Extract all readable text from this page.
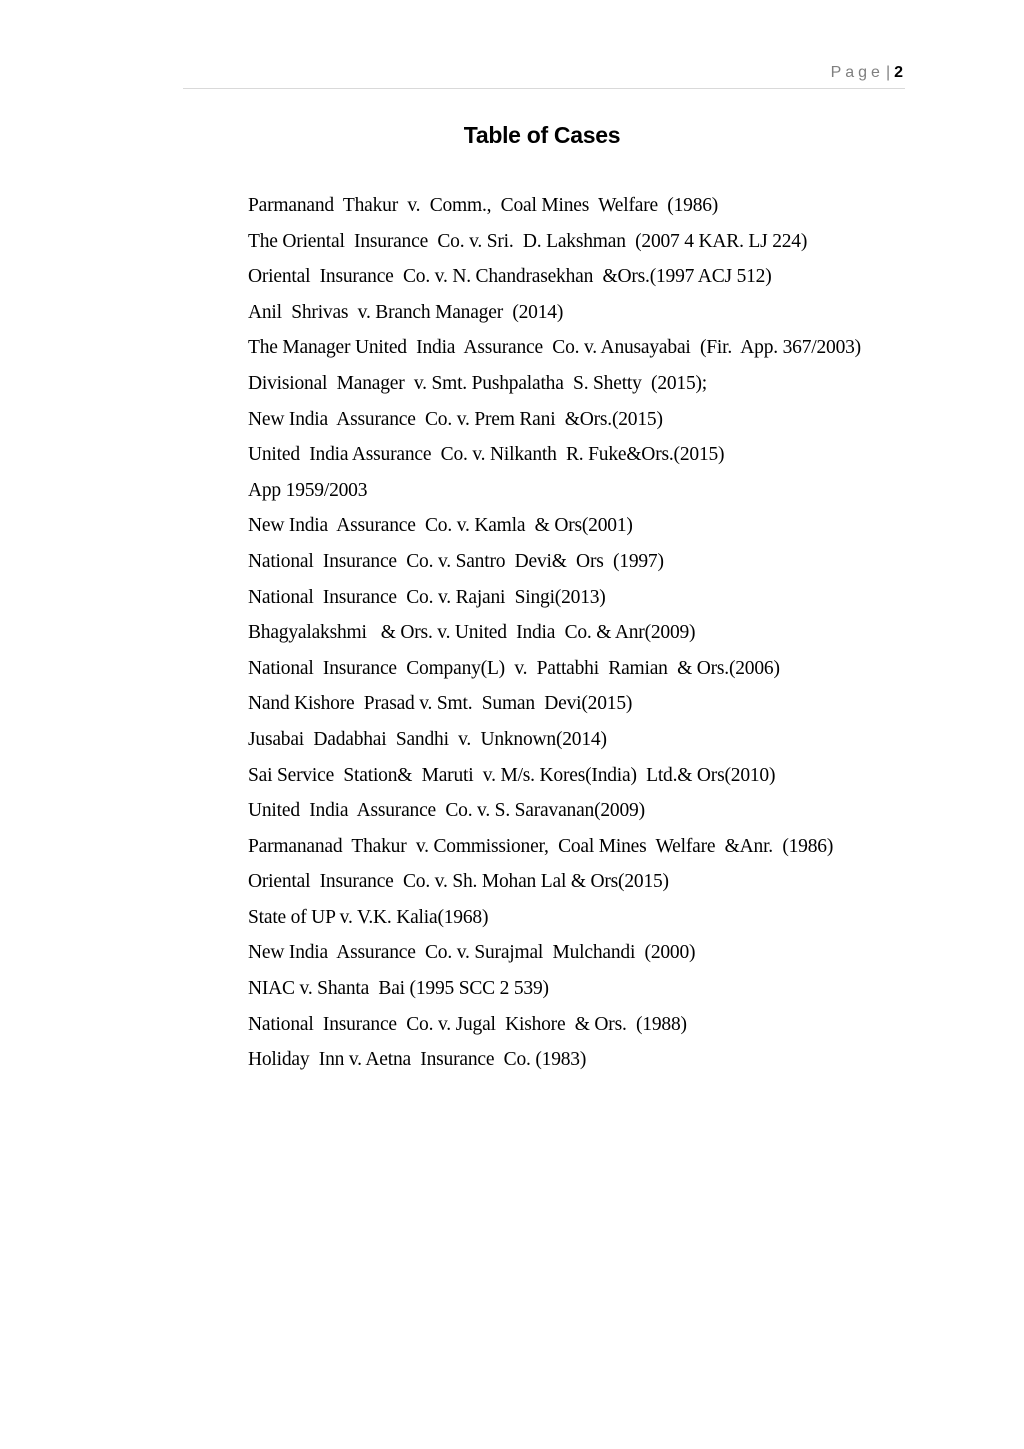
Page | 2
Table of Cases
Parmanand  Thakur  v.  Comm.,  Coal Mines  Welfare  (1986)
The Oriental  Insurance  Co. v. Sri.  D. Lakshman  (2007 4 KAR. LJ 224)
Oriental  Insurance  Co. v. N. Chandrasekhan  &Ors.(1997 ACJ 512)
Anil  Shrivas  v. Branch Manager  (2014)
The Manager United  India  Assurance  Co. v. Anusayabai  (Fir.  App. 367/2003)
Divisional  Manager  v. Smt. Pushpalatha  S. Shetty  (2015);
New India  Assurance  Co. v. Prem Rani  &Ors.(2015)
United  India Assurance  Co. v. Nilkanth  R. Fuke&Ors.(2015)
App 1959/2003
New India  Assurance  Co. v. Kamla  & Ors(2001)
National  Insurance  Co. v. Santro  Devi&  Ors  (1997)
National  Insurance  Co. v. Rajani  Singi(2013)
Bhagyalakshmi   & Ors. v. United  India  Co. & Anr(2009)
National  Insurance  Company(L)  v.  Pattabhi  Ramian  & Ors.(2006)
Nand Kishore  Prasad v. Smt.  Suman  Devi(2015)
Jusabai  Dadabhai  Sandhi  v.  Unknown(2014)
Sai Service  Station&  Maruti  v. M/s. Kores(India)  Ltd.& Ors(2010)
United  India  Assurance  Co. v. S. Saravanan(2009)
Parmananad  Thakur  v. Commissioner,  Coal Mines  Welfare  &Anr.  (1986)
Oriental  Insurance  Co. v. Sh. Mohan Lal & Ors(2015)
State of UP v. V.K. Kalia(1968)
New India  Assurance  Co. v. Surajmal  Mulchandi  (2000)
NIAC v. Shanta  Bai (1995 SCC 2 539)
National  Insurance  Co. v. Jugal  Kishore  & Ors.  (1988)
Holiday  Inn v. Aetna  Insurance  Co. (1983)
